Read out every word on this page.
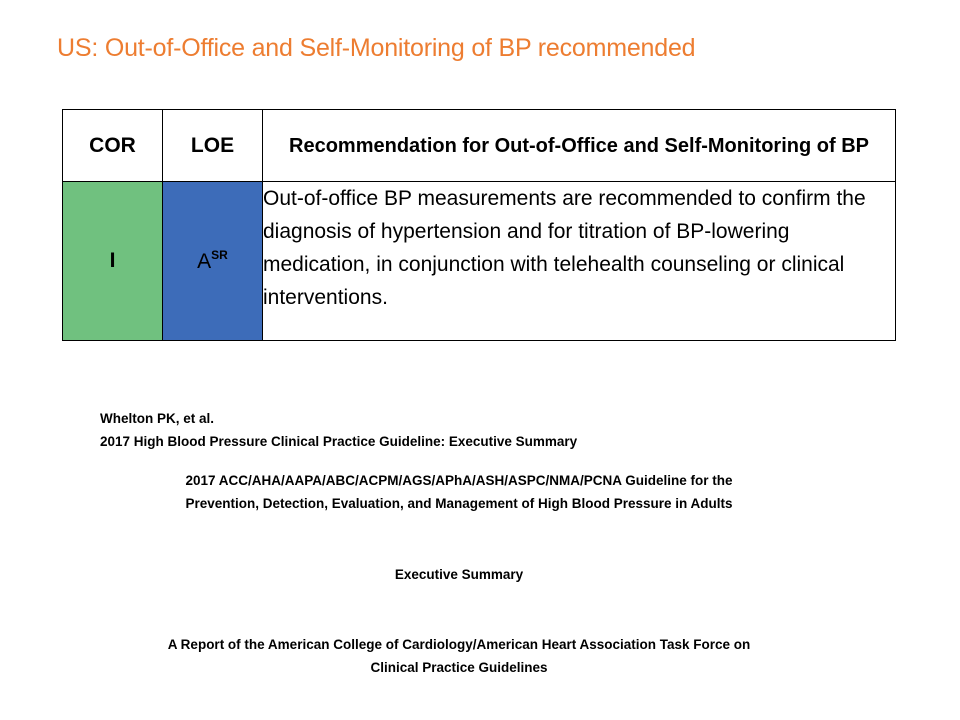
US: Out-of-Office and Self-Monitoring of BP recommended
COR	LOE	Recommendation for Out-of-Office and Self-Monitoring of BP
I	$A^{SR}$	Out-of-office BP measurements are recommended to confirm the diagnosis of hypertension and for titration of BP-lowering medication, in conjunction with telehealth counseling or clinical interventions.
Whelton PK, et al.
2017 High Blood Pressure Clinical Practice Guideline: Executive Summary
2017 ACC/AHA/AAPA/ABC/ACPM/AGS/APhA/ASH/ASPC/NMA/PCNA Guideline for the
Prevention, Detection, Evaluation, and Management of High Blood Pressure in Adults
Executive Summary
A Report of the American College of Cardiology/American Heart Association Task Force on
Clinical Practice Guidelines
